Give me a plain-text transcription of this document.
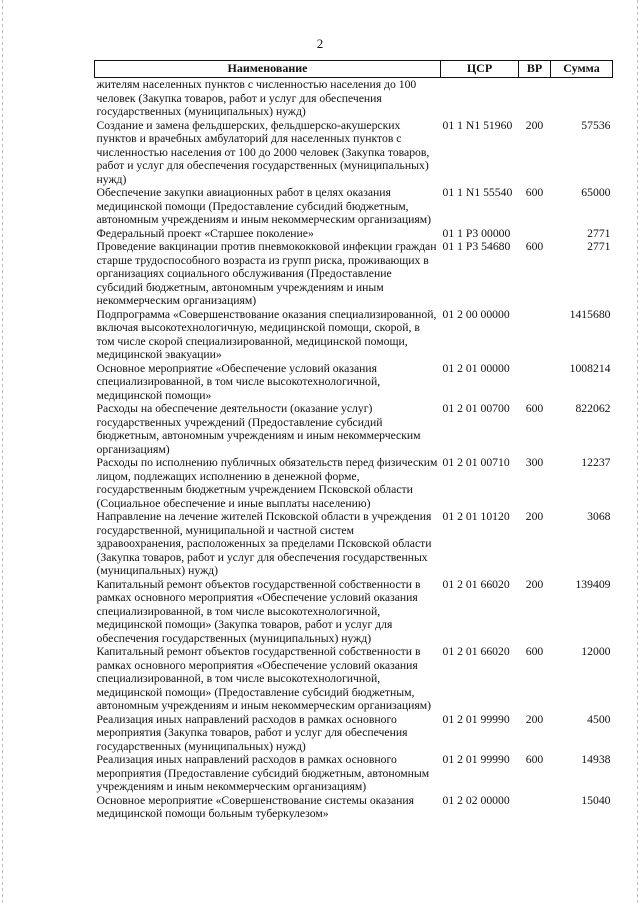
2
Наименование	ЦСР	ВР	Сумма
жителям населенных пунктов с численностью населения до 100 человек (Закупка товаров, работ и услуг для обеспечения государственных (муниципальных) нужд)			
Создание и замена фельдшерских, фельдшерско-акушерских пунктов и врачебных амбулаторий для населенных пунктов с численностью населения от 100 до 2000 человек (Закупка товаров, работ и услуг для обеспечения государственных (муниципальных) нужд)	01 1 N1 51960	200	57536
Обеспечение закупки авиационных работ в целях оказания медицинской помощи (Предоставление субсидий бюджетным, автономным учреждениям и иным некоммерческим организациям)	01 1 N1 55540	600	65000
Федеральный проект «Старшее поколение»	01 1 P3 00000		2771
Проведение вакцинации против пневмококковой инфекции граждан старше трудоспособного возраста из групп риска, проживающих в организациях социального обслуживания (Предоставление субсидий бюджетным, автономным учреждениям и иным некоммерческим организациям)	01 1 P3 54680	600	2771
Подпрограмма «Совершенствование оказания специализированной, включая высокотехнологичную, медицинской помощи, скорой, в том числе скорой специализированной, медицинской помощи, медицинской эвакуации»	01 2 00 00000		1415680
Основное мероприятие «Обеспечение условий оказания специализированной, в том числе высокотехнологичной, медицинской помощи»	01 2 01 00000		1008214
Расходы на обеспечение деятельности (оказание услуг) государственных учреждений (Предоставление субсидий бюджетным, автономным учреждениям и иным некоммерческим организациям)	01 2 01 00700	600	822062
Расходы по исполнению публичных обязательств перед физическим лицом, подлежащих исполнению в денежной форме, государственным бюджетным учреждением Псковской области (Социальное обеспечение и иные выплаты населению)	01 2 01 00710	300	12237
Направление на лечение жителей Псковской области в учреждения государственной, муниципальной и частной систем здравоохранения, расположенных за пределами Псковской области (Закупка товаров, работ и услуг для обеспечения государственных (муниципальных) нужд)	01 2 01 10120	200	3068
Капитальный ремонт объектов государственной собственности в рамках основного мероприятия «Обеспечение условий оказания специализированной, в том числе высокотехнологичной, медицинской помощи» (Закупка товаров, работ и услуг для обеспечения государственных (муниципальных) нужд)	01 2 01 66020	200	139409
Капитальный ремонт объектов государственной собственности в рамках основного мероприятия «Обеспечение условий оказания специализированной, в том числе высокотехнологичной, медицинской помощи» (Предоставление субсидий бюджетным, автономным учреждениям и иным некоммерческим организациям)	01 2 01 66020	600	12000
Реализация иных направлений расходов в рамках основного мероприятия (Закупка товаров, работ и услуг для обеспечения государственных (муниципальных) нужд)	01 2 01 99990	200	4500
Реализация иных направлений расходов в рамках основного мероприятия (Предоставление субсидий бюджетным, автономным учреждениям и иным некоммерческим организациям)	01 2 01 99990	600	14938
Основное мероприятие «Совершенствование системы оказания медицинской помощи больным туберкулезом»	01 2 02 00000		15040
